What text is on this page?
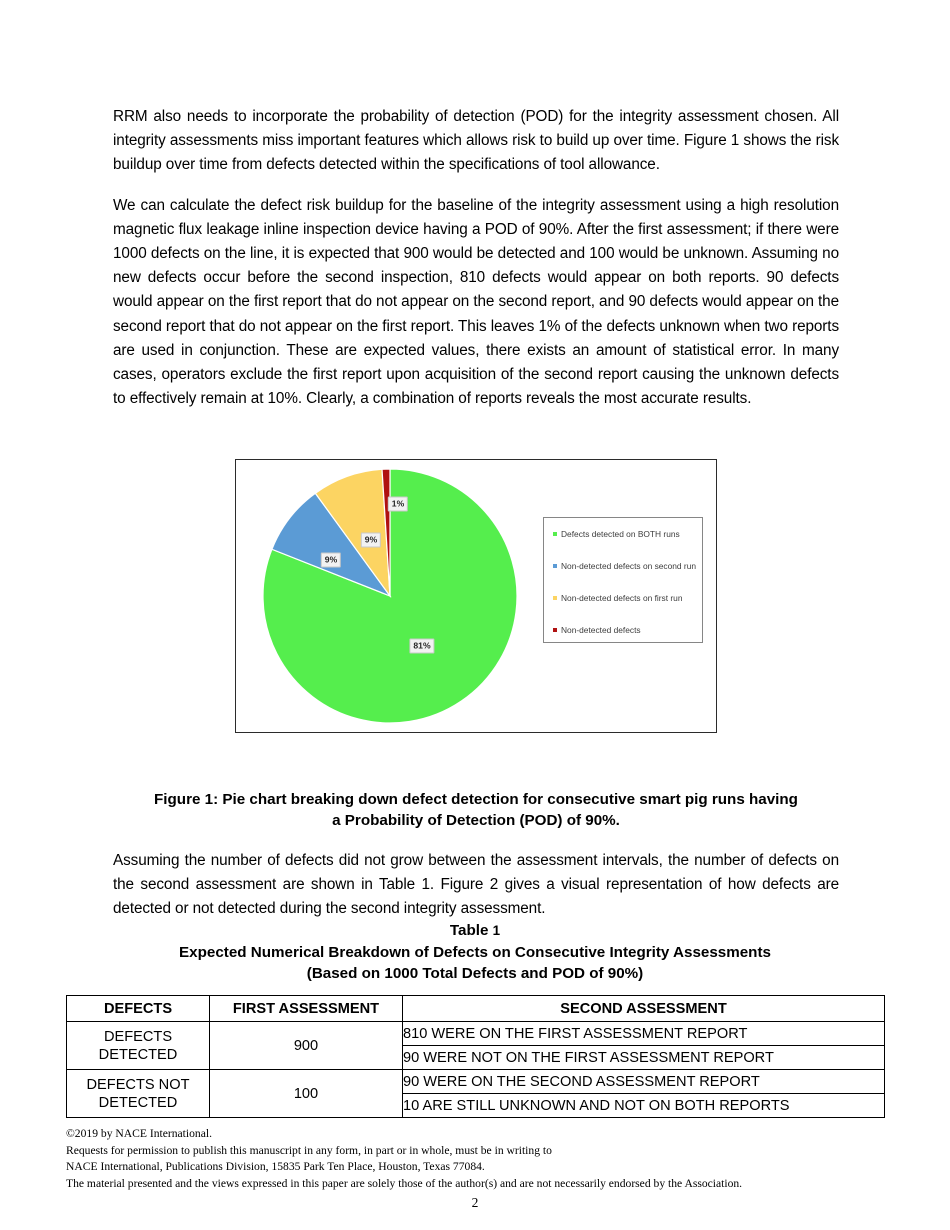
RRM also needs to incorporate the probability of detection (POD) for the integrity assessment chosen. All integrity assessments miss important features which allows risk to build up over time. Figure 1 shows the risk buildup over time from defects detected within the specifications of tool allowance.

We can calculate the defect risk buildup for the baseline of the integrity assessment using a high resolution magnetic flux leakage inline inspection device having a POD of 90%. After the first assessment; if there were 1000 defects on the line, it is expected that 900 would be detected and 100 would be unknown. Assuming no new defects occur before the second inspection, 810 defects would appear on both reports. 90 defects would appear on the first report that do not appear on the second report, and 90 defects would appear on the second report that do not appear on the first report. This leaves 1% of the defects unknown when two reports are used in conjunction. These are expected values, there exists an amount of statistical error. In many cases, operators exclude the first report upon acquisition of the second report causing the unknown defects to effectively remain at 10%. Clearly, a combination of reports reveals the most accurate results.

81%
9%
9%
1%
Defects detected on BOTH runs
Non-detected defects on second run
Non-detected defects on first run
Non-detected defects
Figure 1: Pie chart breaking down defect detection for consecutive smart pig runs having
a Probability of Detection (POD) of 90%.

Assuming the number of defects did not grow between the assessment intervals, the number of defects on the second assessment are shown in Table 1. Figure 2 gives a visual representation of how defects are detected or not detected during the second integrity assessment.

Table 1
Expected Numerical Breakdown of Defects on Consecutive Integrity Assessments
(Based on 1000 Total Defects and POD of 90%)
DEFECTS	FIRST ASSESSMENT	SECOND ASSESSMENT
DEFECTS DETECTED	900	810 WERE ON THE FIRST ASSESSMENT REPORT
		90 WERE NOT ON THE FIRST ASSESSMENT REPORT
DEFECTS NOT DETECTED	100	90 WERE ON THE SECOND ASSESSMENT REPORT
		10 ARE STILL UNKNOWN AND NOT ON BOTH REPORTS
©2019 by NACE International.
Requests for permission to publish this manuscript in any form, in part or in whole, must be in writing to
NACE International, Publications Division, 15835 Park Ten Place, Houston, Texas 77084.
The material presented and the views expressed in this paper are solely those of the author(s) and are not necessarily endorsed by the Association.
2
